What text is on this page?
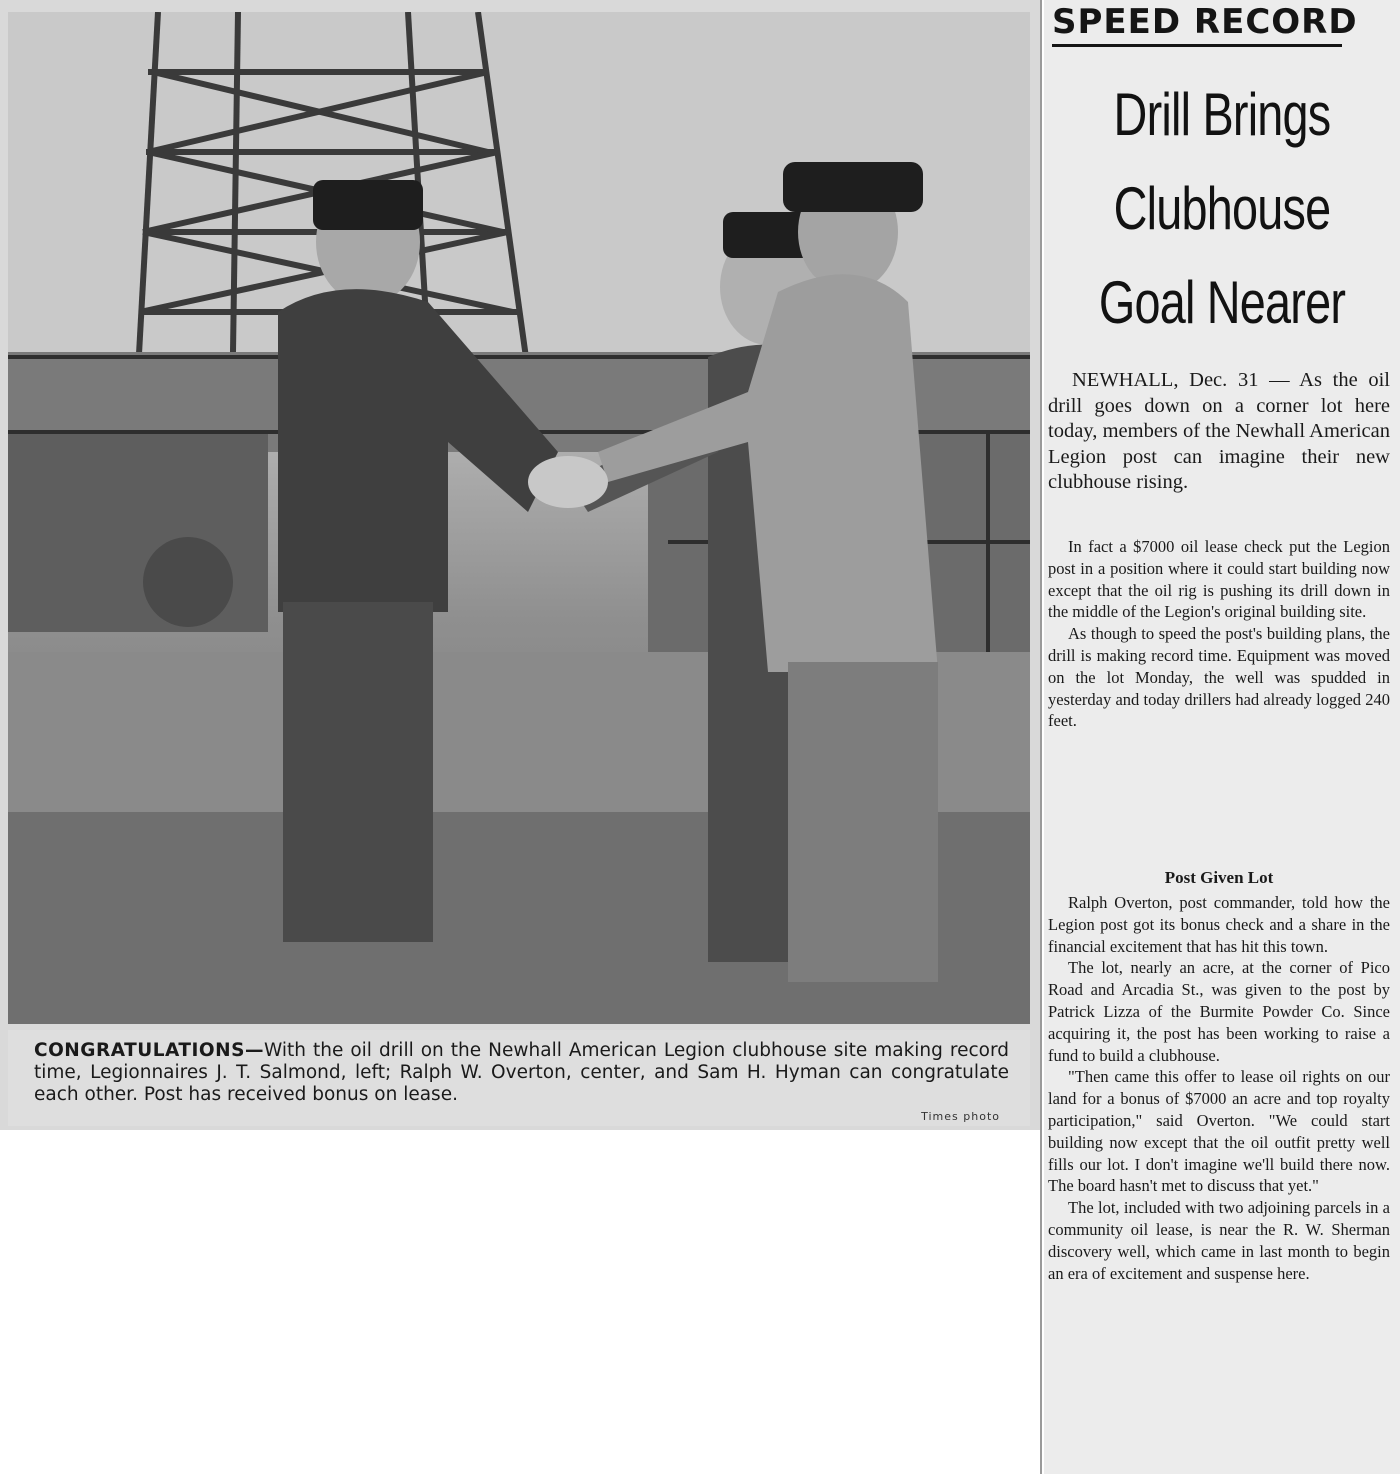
CONGRATULATIONS—With the oil drill on the Newhall American Legion clubhouse site making record time, Legionnaires J. T. Salmond, left; Ralph W. Overton, center, and Sam H. Hyman can congratulate each other. Post has received bonus on lease.
Times photo
SPEED RECORD
Drill Brings
Clubhouse
Goal Nearer

NEWHALL, Dec. 31 — As the oil drill goes down on a corner lot here today, members of the Newhall American Legion post can imagine their new clubhouse rising.

In fact a $7000 oil lease check put the Legion post in a position where it could start building now except that the oil rig is pushing its drill down in the middle of the Legion's original building site.

As though to speed the post's building plans, the drill is making record time. Equipment was moved on the lot Monday, the well was spudded in yesterday and today drillers had already logged 240 feet.

Post Given Lot

Ralph Overton, post commander, told how the Legion post got its bonus check and a share in the financial excitement that has hit this town.

The lot, nearly an acre, at the corner of Pico Road and Arcadia St., was given to the post by Patrick Lizza of the Burmite Powder Co. Since acquiring it, the post has been working to raise a fund to build a clubhouse.

"Then came this offer to lease oil rights on our land for a bonus of $7000 an acre and top royalty participation," said Overton. "We could start building now except that the oil outfit pretty well fills our lot. I don't imagine we'll build there now. The board hasn't met to discuss that yet."

The lot, included with two adjoining parcels in a community oil lease, is near the R. W. Sherman discovery well, which came in last month to begin an era of excitement and suspense here.
